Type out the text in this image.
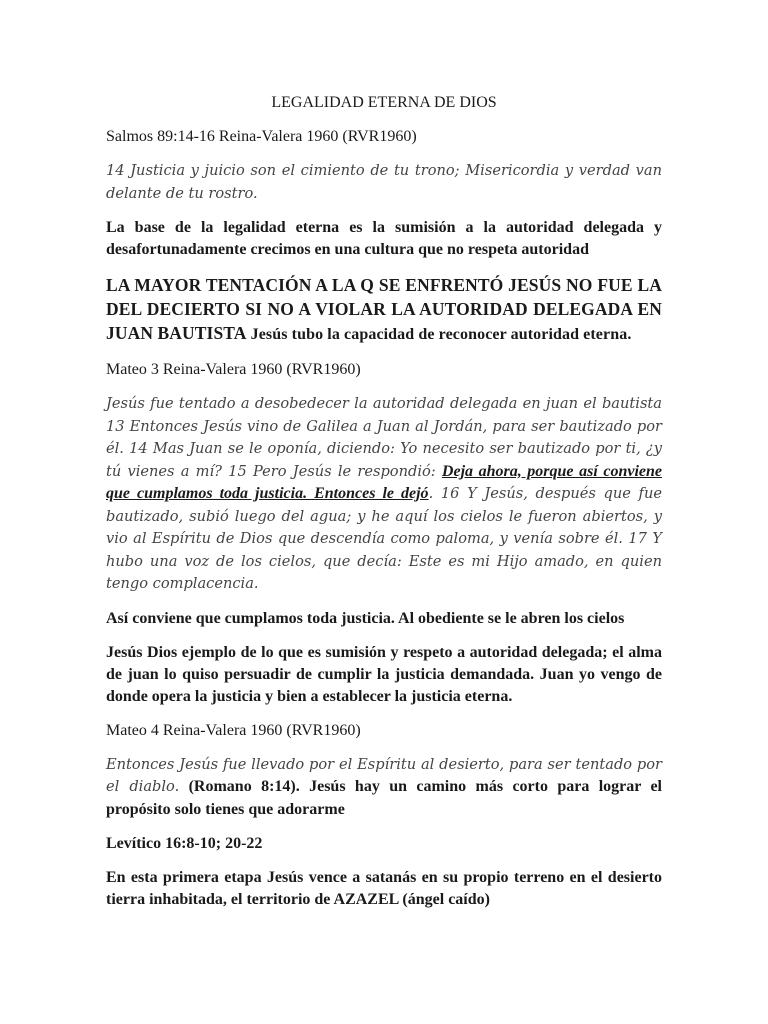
LEGALIDAD ETERNA DE DIOS
Salmos 89:14-16 Reina-Valera 1960 (RVR1960)

14 Justicia y juicio son el cimiento de tu trono; Misericordia y verdad van delante de tu rostro.

La base de la legalidad eterna es la sumisión a la autoridad delegada y desafortunadamente crecimos en una cultura que no respeta autoridad

LA MAYOR TENTACIÓN A LA Q SE ENFRENTÓ JESÚS NO FUE LA DEL DECIERTO SI NO A VIOLAR LA AUTORIDAD DELEGADA EN JUAN BAUTISTA Jesús tubo la capacidad de reconocer autoridad eterna.

Mateo 3 Reina-Valera 1960 (RVR1960)

Jesús fue tentado a desobedecer la autoridad delegada en juan el bautista 13 Entonces Jesús vino de Galilea a Juan al Jordán, para ser bautizado por él. 14 Mas Juan se le oponía, diciendo: Yo necesito ser bautizado por ti, ¿y tú vienes a mí? 15 Pero Jesús le respondió: Deja ahora, porque así conviene que cumplamos toda justicia. Entonces le dejó. 16 Y Jesús, después que fue bautizado, subió luego del agua; y he aquí los cielos le fueron abiertos, y vio al Espíritu de Dios que descendía como paloma, y venía sobre él. 17 Y hubo una voz de los cielos, que decía: Este es mi Hijo amado, en quien tengo complacencia.

Así conviene que cumplamos toda justicia. Al obediente se le abren los cielos

Jesús Dios ejemplo de lo que es sumisión y respeto a autoridad delegada; el alma de juan lo quiso persuadir de cumplir la justicia demandada. Juan yo vengo de donde opera la justicia y bien a establecer la justicia eterna.

Mateo 4 Reina-Valera 1960 (RVR1960)

Entonces Jesús fue llevado por el Espíritu al desierto, para ser tentado por el diablo. (Romano 8:14). Jesús hay un camino más corto para lograr el propósito solo tienes que adorarme

Levítico 16:8-10; 20-22

En esta primera etapa Jesús vence a satanás en su propio terreno en el desierto tierra inhabitada, el territorio de AZAZEL (ángel caído)
